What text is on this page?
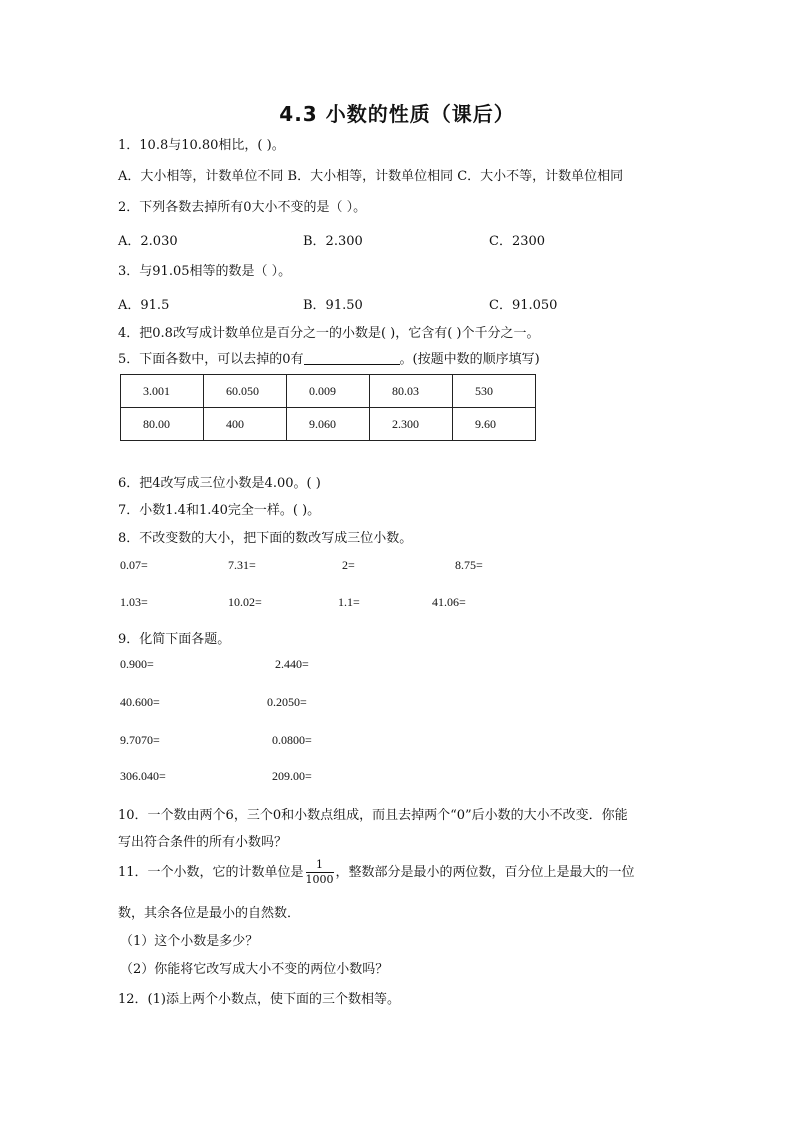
4.3 小数的性质（课后）
1．10.8与10.80相比，( )。
A．大小相等，计数单位不同 B．大小相等，计数单位相同 C．大小不等，计数单位相同
2．下列各数去掉所有0大小不变的是（ ）。
A．2.030	B．2.300	C．2300
3．与91.05相等的数是（ ）。
A．91.5	B．91.50	C．91.050
4．把0.8改写成计数单位是百分之一的小数是( )，它含有( )个千分之一。
5．下面各数中，可以去掉的0有	。(按题中数的顺序填写)
3.001	60.050	0.009	80.03	530
80.00	400	9.060	2.300	9.60
6．把4改写成三位小数是4.00。( )
7．小数1.4和1.40完全一样。( )。
8．不改变数的大小，把下面的数改写成三位小数。
0.07=	7.31=	2=	8.75=
1.03=	10.02=	1.1=	41.06=
9．化简下面各题。
0.900=	2.440=
40.600=	0.2050=
9.7070=	0.0800=
306.040=	209.00=
10．一个数由两个6，三个0和小数点组成，而且去掉两个“0”后小数的大小不改变．你能
写出符合条件的所有小数吗？
11．一个小数，它的计数单位是 $\frac{1}{1000}$ ，整数部分是最小的两位数，百分位上是最大的一位
数，其余各位是最小的自然数．
（1）这个小数是多少？
（2）你能将它改写成大小不变的两位小数吗？
12．(1)添上两个小数点，使下面的三个数相等。
